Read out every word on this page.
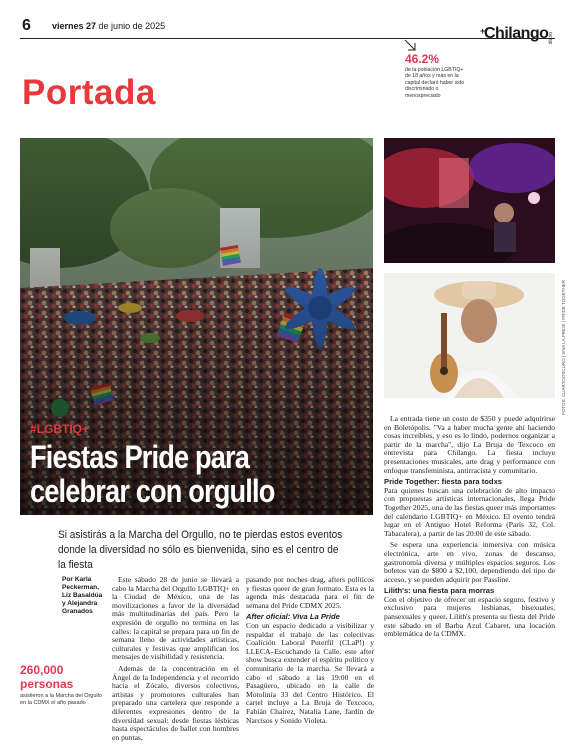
6 viernes 27 de junio de 2025
46.2%
de la población LGBTIQ+ de 18 años y más en la capital declaró haber sido discriminado o menospreciado
+
Chilango diario
Portada
FOTOS: CUARTOOSCURO | VIVA LA PRIDE | PRIDE TOGETHER
#LGBTIQ+
Fiestas Pride para celebrar con orgullo
Si asistirás a la Marcha del Orgullo, no te pierdas estos eventos donde la diversidad no sólo es bienvenida, sino es el centro de la fiesta
Por Karla Peckerman, Liz Basaldúa y Alejandra Granados
260,000
personas
asistieron a la Marcha del Orgullo en la CDMX el año pasado

Este sábado 28 de junio se llevará a cabo la Marcha del Orgullo LGBTIQ+ en la Ciudad de México, una de las movilizaciones a favor de la diversidad más multitudinarias del país. Pero la expresión de orgullo no termina en las calles: la capital se prepara para un fin de semana lleno de actividades artísticas, culturales y festivas que amplifican los mensajes de visibilidad y resistencia.

Además de la concentración en el Ángel de la Independencia y el recorrido hacia el Zócalo, diversos colectivos, artistas y promotores culturales han preparado una cartelera que responde a diferentes expresiones dentro de la diversidad sexual: desde fiestas lésbicas hasta espectáculos de ballet con hombres en puntas,

pasando por noches drag, afters políticos y fiestas queer de gran formato. Esta es la agenda más destacada para el fin de semana del Pride CDMX 2025.

After oficial: Viva La Pride

Con un espacio dedicado a visibilizar y respaldar el trabajo de las colectivas Coalición Laboral Puterfil (CLaP!) y LLECA–Escuchando la Calle, este after show busca extender el espíritu político y comunitario de la marcha. Se llevará a cabo el sábado a las 19:00 en el Pasagüero, ubicado en la calle de Motolinía 33 del Centro Histórico. El cartel incluye a La Bruja de Texcoco, Fabián Chairez, Natalia Lane, Jardín de Narcisos y Sonido Violeta.

La entrada tiene un costo de $350 y puede adquirirse en Boletópolis. "Va a haber mucha gente ahí haciendo cosas increíbles, y eso es lo lindo, podernos organizar a partir de la marcha", dijo La Bruja de Texcoco en entrevista para Chilango. La fiesta incluye presentaciones musicales, arte drag y performance con enfoque transfeminista, antirracista y comunitario.

Pride Together: fiesta para todxs

Para quienes buscan una celebración de alto impacto con propuestas artísticas internacionales, llega Pride Together 2025, una de las fiestas queer más importantes del calendario LGBTIQ+ en México. El evento tendrá lugar en el Antiguo Hotel Reforma (París 32, Col. Tabacalera), a partir de las 20:00 de este sábado.

Se espera una experiencia inmersiva con música electrónica, arte en vivo, zonas de descanso, gastronomía diversa y múltiples espacios seguros. Los boletos van de $800 a $2,100, dependiendo del tipo de acceso, y se pueden adquirir por Passline.

Lilith's: una fiesta para morras

Con el objetivo de ofrecer un espacio seguro, festivo y exclusivo para mujeres lesbianas, bisexuales, pansexuales y queer, Lilith's presenta su fiesta del Pride este sábado en el Barba Azul Cabaret, una locación emblemática de la CDMX.
